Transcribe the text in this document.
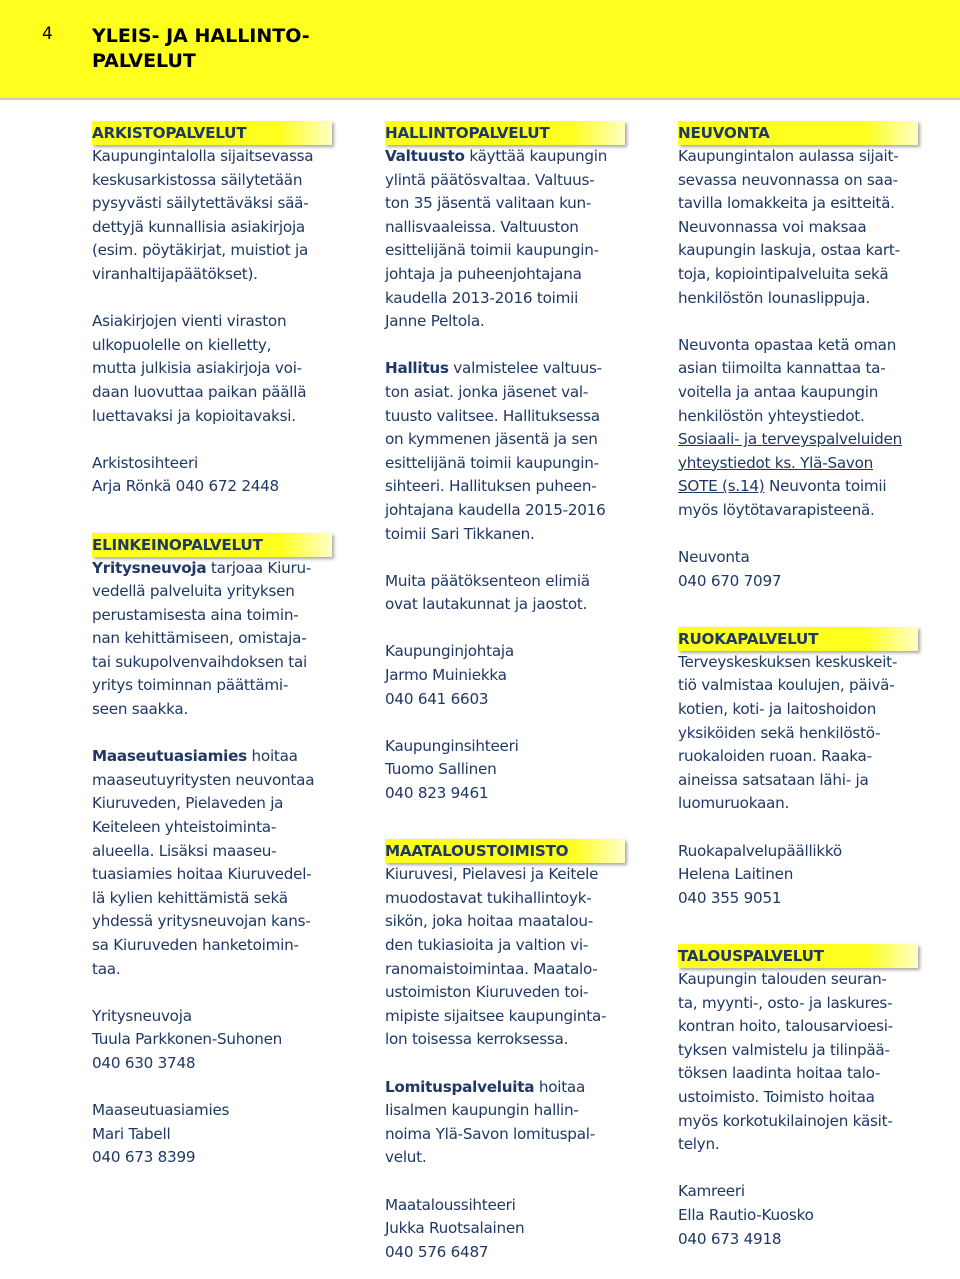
4 YLEIS- JA HALLINTO-PALVELUT
ARKISTOPALVELUT
Kaupungintalolla sijaitsevassa
keskusarkistossa säilytetään
pysyvästi säilytettäväksi sää-
dettyjä kunnallisia asiakirjoja
(esim. pöytäkirjat, muistiot ja
viranhaltijapäätökset).
Asiakirjojen vienti viraston
ulkopuolelle on kielletty,
mutta julkisia asiakirjoja voi-
daan luovuttaa paikan päällä
luettavaksi ja kopioitavaksi.
Arkistosihteeri
Arja Rönkä 040 672 2448
ELINKEINOPALVELUT
Yritysneuvoja tarjoaa Kiuru-
vedellä palveluita yrityksen
perustamisesta aina toimin-
nan kehittämiseen, omistaja-
tai sukupolvenvaihdoksen tai
yritys toiminnan päättämi-
seen saakka.
Maaseutuasiamies hoitaa
maaseutuyritysten neuvontaa
Kiuruveden, Pielaveden ja
Keiteleen yhteistoiminta-
alueella. Lisäksi maaseu-
tuasiamies hoitaa Kiuruvedel-
lä kylien kehittämistä sekä
yhdessä yritysneuvojan kans-
sa Kiuruveden hanketoimin-
taa.
Yritysneuvoja
Tuula Parkkonen-Suhonen
040 630 3748
Maaseutuasiamies
Mari Tabell
040 673 8399
HALLINTOPALVELUT
Valtuusto käyttää kaupungin
ylintä päätösvaltaa. Valtuus-
ton 35 jäsentä valitaan kun-
nallisvaaleissa. Valtuuston
esittelijänä toimii kaupungin-
johtaja ja puheenjohtajana
kaudella 2013-2016 toimii
Janne Peltola.
Hallitus valmistelee valtuus-
ton asiat. jonka jäsenet val-
tuusto valitsee. Hallituksessa
on kymmenen jäsentä ja sen
esittelijänä toimii kaupungin-
sihteeri. Hallituksen puheen-
johtajana kaudella 2015-2016
toimii Sari Tikkanen.
Muita päätöksenteon elimiä
ovat lautakunnat ja jaostot.
Kaupunginjohtaja
Jarmo Muiniekka
040 641 6603
Kaupunginsihteeri
Tuomo Sallinen
040 823 9461
MAATALOUSTOIMISTO
Kiuruvesi, Pielavesi ja Keitele
muodostavat tukihallintoyk-
sikön, joka hoitaa maatalou-
den tukiasioita ja valtion vi-
ranomaistoimintaa. Maatalo-
ustoimiston Kiuruveden toi-
mipiste sijaitsee kaupunginta-
lon toisessa kerroksessa.
Lomituspalveluita hoitaa
Iisalmen kaupungin hallin-
noima Ylä-Savon lomituspal-
velut.
Maataloussihteeri
Jukka Ruotsalainen
040 576 6487
NEUVONTA
Kaupungintalon aulassa sijait-
sevassa neuvonnassa on saa-
tavilla lomakkeita ja esitteitä.
Neuvonnassa voi maksaa
kaupungin laskuja, ostaa kart-
toja, kopiointipalveluita sekä
henkilöstön lounaslippuja.
Neuvonta opastaa ketä oman
asian tiimoilta kannattaa ta-
voitella ja antaa kaupungin
henkilöstön yhteystiedot.
Sosiaali- ja terveyspalveluiden
yhteystiedot ks. Ylä-Savon
SOTE (s.14) Neuvonta toimii
myös löytötavarapisteenä.
Neuvonta
040 670 7097
RUOKAPALVELUT
Terveyskeskuksen keskuskeit-
tiö valmistaa koulujen, päivä-
kotien, koti- ja laitoshoidon
yksiköiden sekä henkilöstö-
ruokaloiden ruoan. Raaka-
aineissa satsataan lähi- ja
luomuruokaan.
Ruokapalvelupäällikkö
Helena Laitinen
040 355 9051
TALOUSPALVELUT
Kaupungin talouden seuran-
ta, myynti-, osto- ja laskures-
kontran hoito, talousarvioesi-
tyksen valmistelu ja tilinpää-
töksen laadinta hoitaa talo-
ustoimisto. Toimisto hoitaa
myös korkotukilainojen käsit-
telyn.
Kamreeri
Ella Rautio-Kuosko
040 673 4918
